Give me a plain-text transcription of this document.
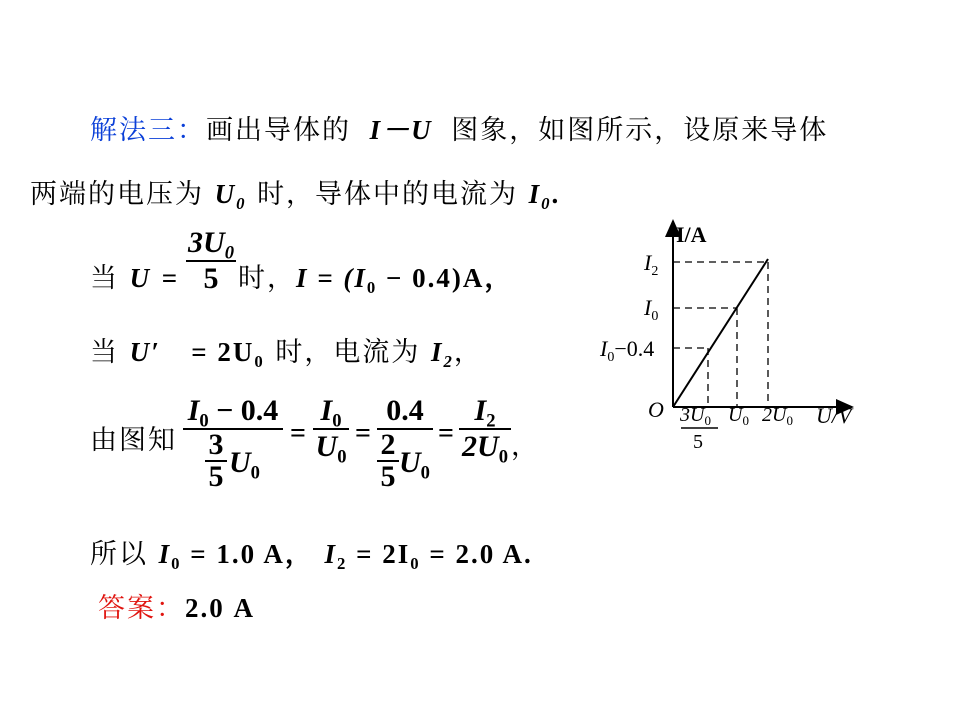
解法三：画出导体的 I－U 图象，如图所示，设原来导体
两端的电压为 $U_0$ 时，导体中的电流为 $I_0$.
当 U =
$3U_0$
5 时，$I = (I_0 - 0.4)A$，
当 $U' = 2U_0$ 时，电流为 $I_2$，
由图知
$I_0 - 0.4$
3
5 $U_0$
=
$I_0$
$U_0$
=
0.4
2
5 $U_0$
=
$I_2$
$2U_0$ ，
所以 $I_0 = 1.0$ A， $I_2 = 2I_0 = 2.0$ A.
答案：2.0 A
I/A
U/V
O
$I_2$
$I_0$
$I_0-0.4$
$3U_0$
5
$U_0$ $2U_0$
